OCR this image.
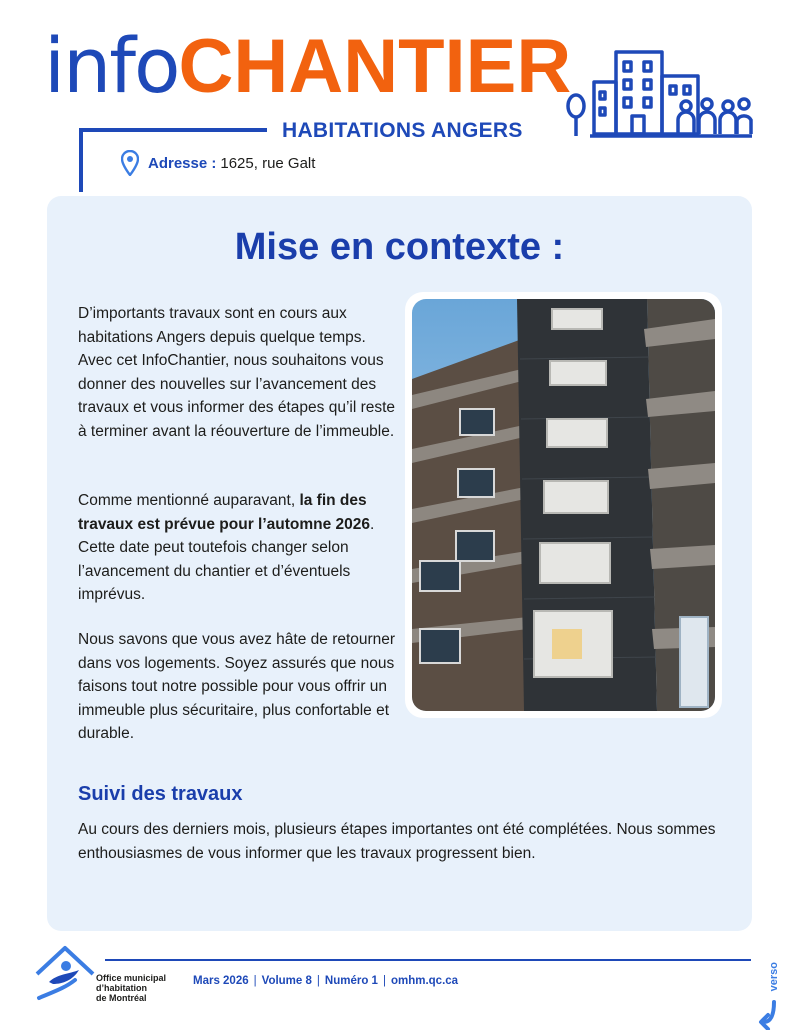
infoCHANTIER
HABITATIONS ANGERS
Adresse : 1625, rue Galt
Mise en contexte :
D’importants travaux sont en cours aux habitations Angers depuis quelque temps. Avec cet InfoChantier, nous souhaitons vous donner des nouvelles sur l’avancement des travaux et vous informer des étapes qu’il reste à terminer avant la réouverture de l’immeuble.
Comme mentionné auparavant, la fin des travaux est prévue pour l’automne 2026. Cette date peut toutefois changer selon l’avancement du chantier et d’éventuels imprévus.
Nous savons que vous avez hâte de retourner dans vos logements. Soyez assurés que nous faisons tout notre possible pour vous offrir un immeuble plus sécuritaire, plus confortable et durable.
Suivi des travaux
Au cours des derniers mois, plusieurs étapes importantes ont été complétées. Nous sommes enthousiasmes de vous informer que les travaux progressent bien.
Office municipal
d’habitation
de Montréal
Mars 2026 | Volume 8 | Numéro 1 | omhm.qc.ca	verso
